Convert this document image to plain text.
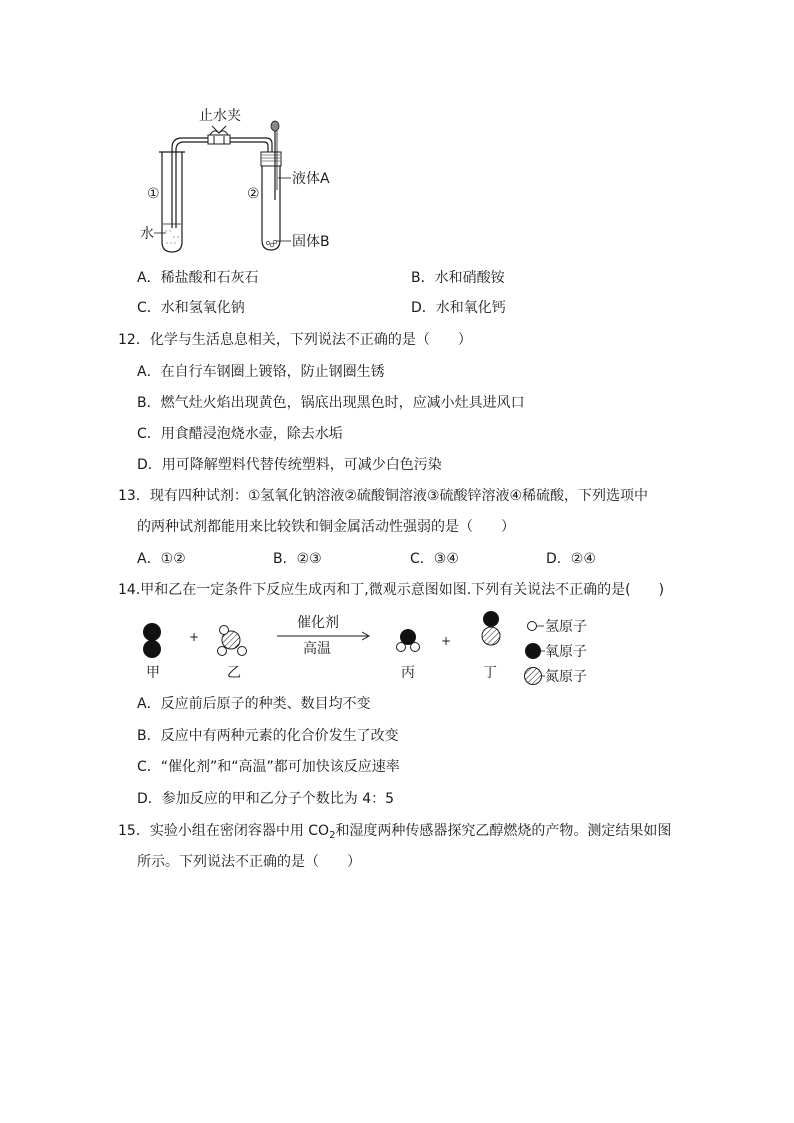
止水夹
①
水
②
液体A
固体B
A．稀盐酸和石灰石	B．水和硝酸铵
C．水和氢氧化钠	D．水和氧化钙
12．化学与生活息息相关，下列说法不正确的是（　　）
A．在自行车钢圈上镀铬，防止钢圈生锈
B．燃气灶火焰出现黄色，锅底出现黑色时，应减小灶具进风口
C．用食醋浸泡烧水壶，除去水垢
D．用可降解塑料代替传统塑料，可减少白色污染
13．现有四种试剂：①氢氧化钠溶液②硫酸铜溶液③硫酸锌溶液④稀硫酸，下列选项中
的两种试剂都能用来比较铁和铜金属活动性强弱的是（　　）
A．①②	B．②③	C．③④	D．②④
14.甲和乙在一定条件下反应生成丙和丁,微观示意图如图.下列有关说法不正确的是(　　)
+
催化剂
高温	+
氢原子
氧原子
氮原子
甲	乙	丙	丁
A．反应前后原子的种类、数目均不变
B．反应中有两种元素的化合价发生了改变
C．“催化剂”和“高温”都可加快该反应速率
D．参加反应的甲和乙分子个数比为 4：5
15．实验小组在密闭容器中用 $CO_2$和湿度两种传感器探究乙醇燃烧的产物。测定结果如图
所示。下列说法不正确的是（　　）
